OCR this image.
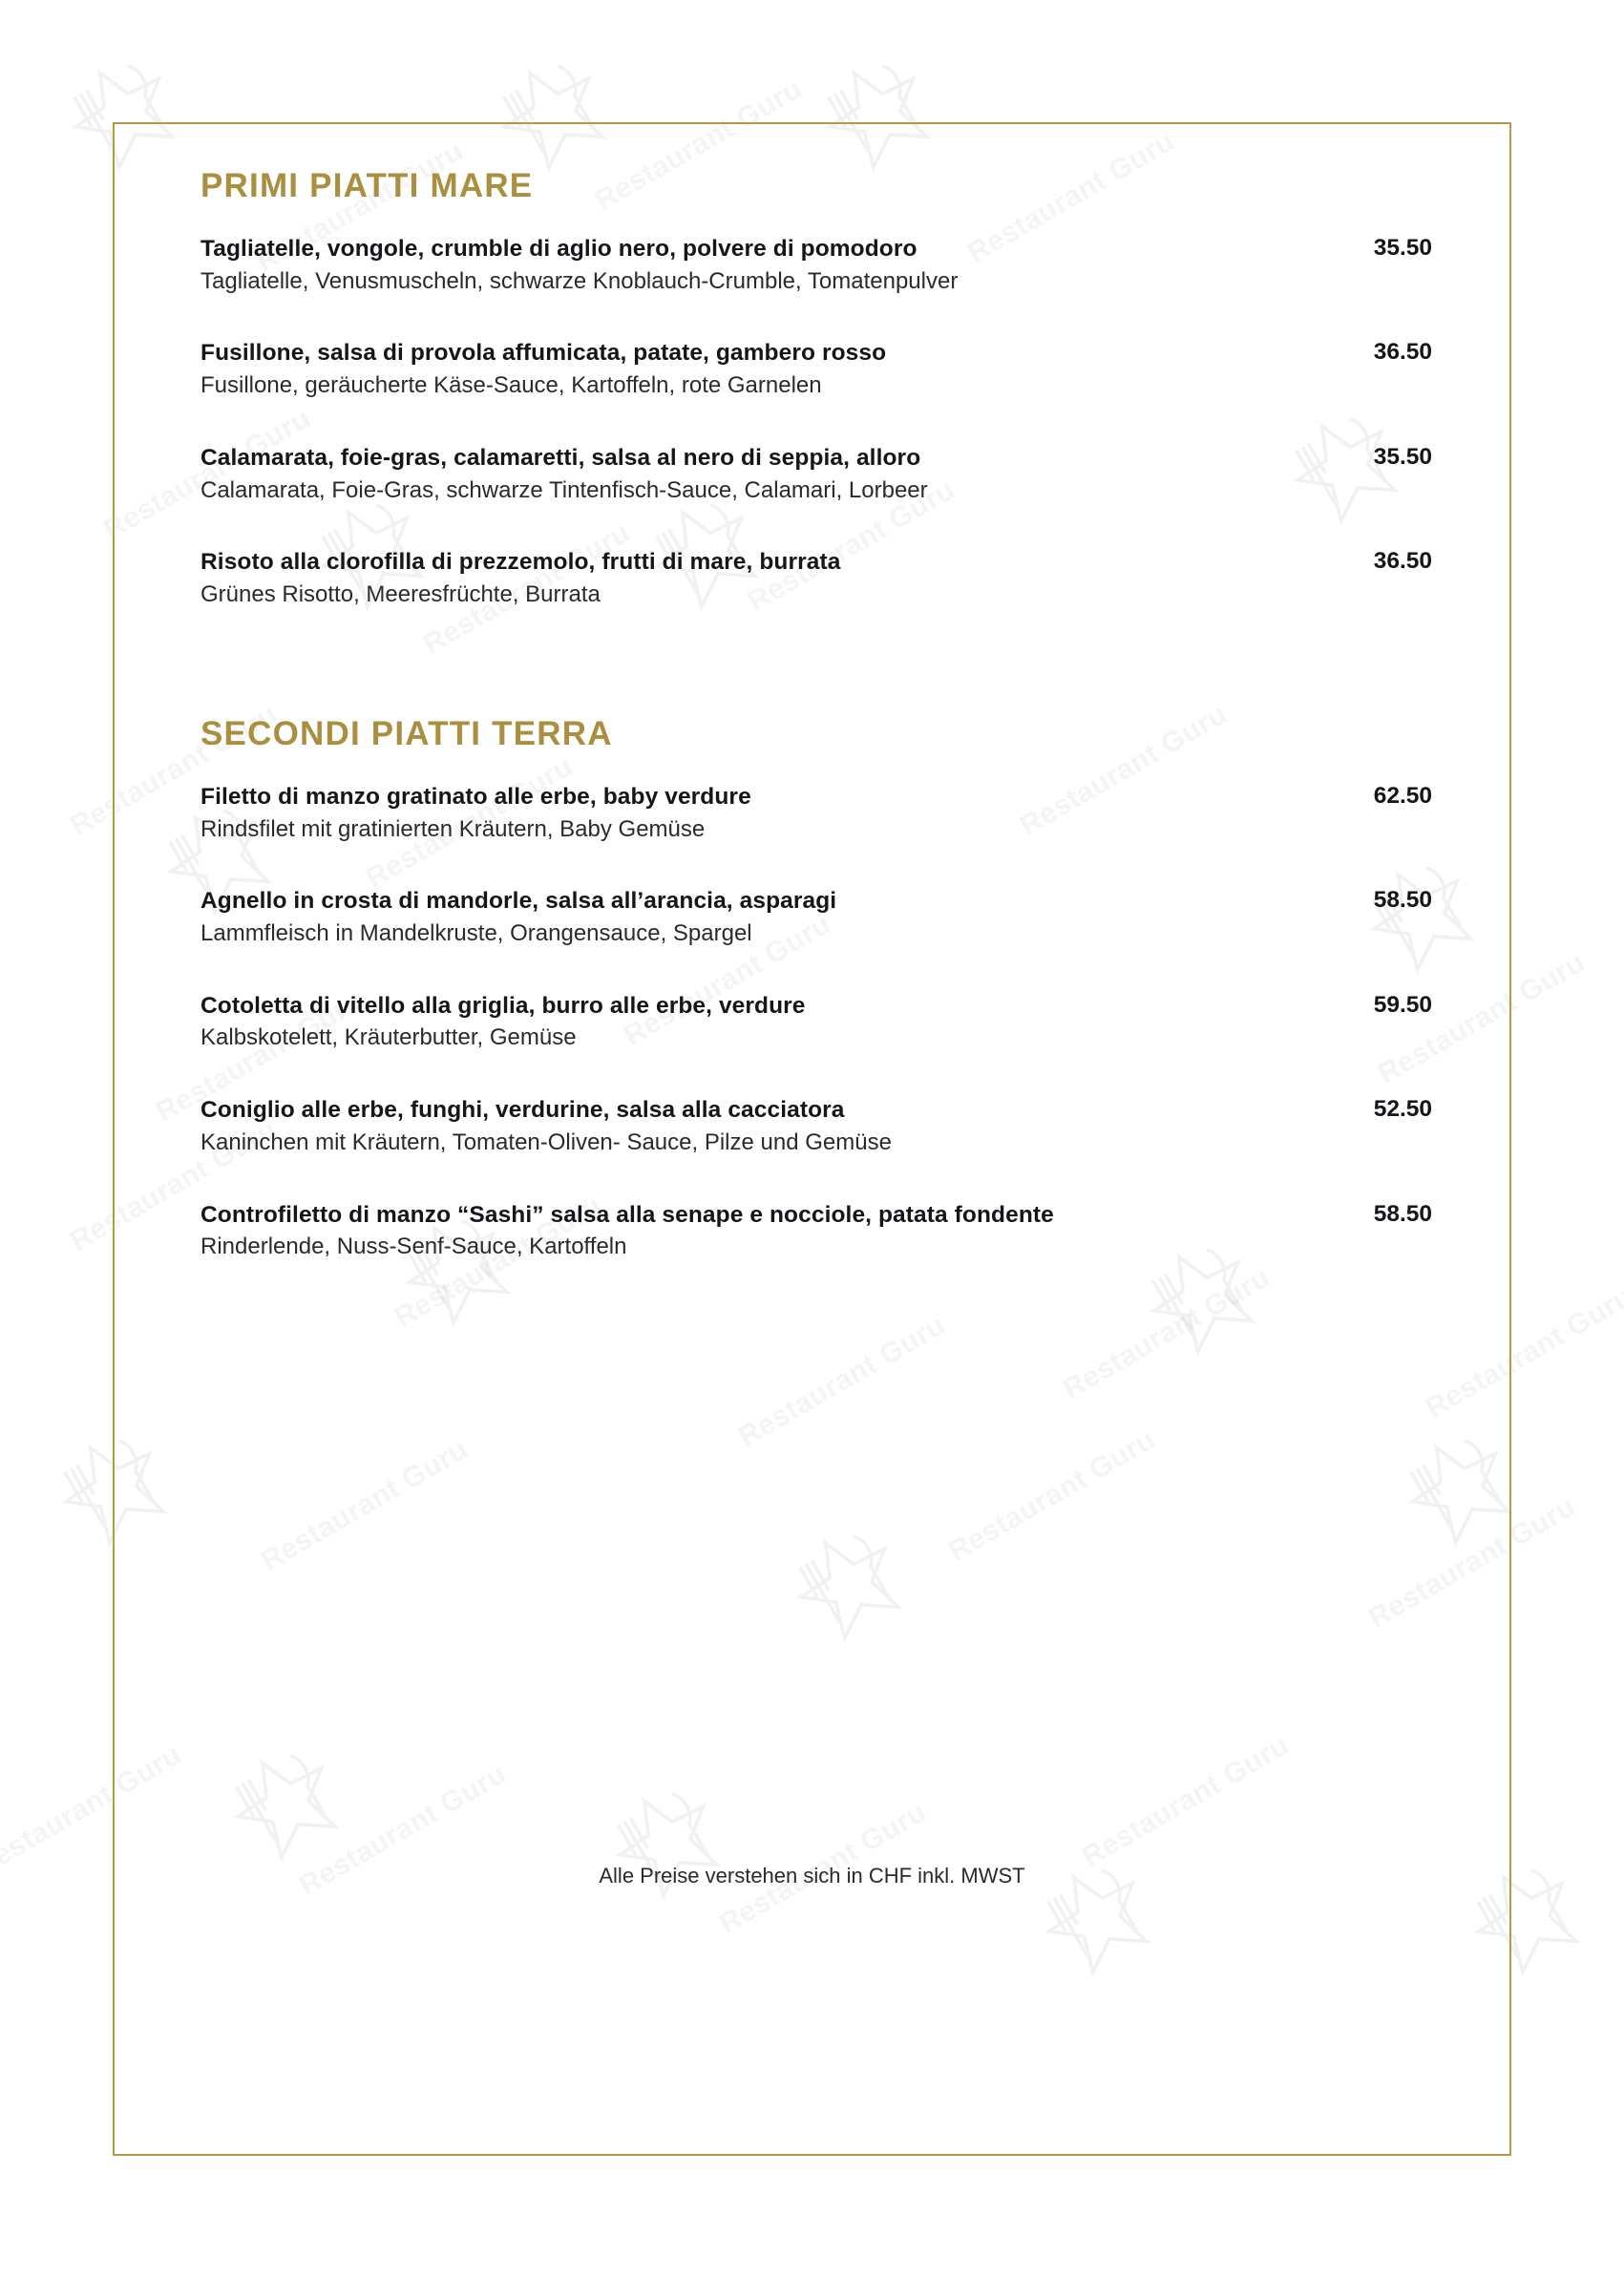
PRIMI PIATTI MARE
Tagliatelle, vongole, crumble di aglio nero, polvere di pomodoro	35.50
Tagliatelle, Venusmuscheln, schwarze Knoblauch-Crumble, Tomatenpulver
Fusillone, salsa di provola affumicata, patate, gambero rosso	36.50
Fusillone, geräucherte Käse-Sauce, Kartoffeln, rote Garnelen
Calamarata, foie-gras, calamaretti, salsa al nero di seppia, alloro	35.50
Calamarata, Foie-Gras, schwarze Tintenfisch-Sauce, Calamari, Lorbeer
Risoto alla clorofilla di prezzemolo, frutti di mare, burrata	36.50
Grünes Risotto, Meeresfrüchte, Burrata
SECONDI PIATTI TERRA
Filetto di manzo gratinato alle erbe, baby verdure	62.50
Rindsfilet mit gratinierten Kräutern, Baby Gemüse
Agnello in crosta di mandorle, salsa all’arancia, asparagi	58.50
Lammfleisch in Mandelkruste, Orangensauce, Spargel
Cotoletta di vitello alla griglia, burro alle erbe, verdure	59.50
Kalbskotelett, Kräuterbutter, Gemüse
Coniglio alle erbe, funghi, verdurine, salsa alla cacciatora	52.50
Kaninchen mit Kräutern, Tomaten-Oliven- Sauce, Pilze und Gemüse
Controfiletto di manzo “Sashi” salsa alla senape e nocciole, patata fondente	58.50
Rinderlende, Nuss-Senf-Sauce, Kartoffeln
Alle Preise verstehen sich in CHF inkl. MWST
